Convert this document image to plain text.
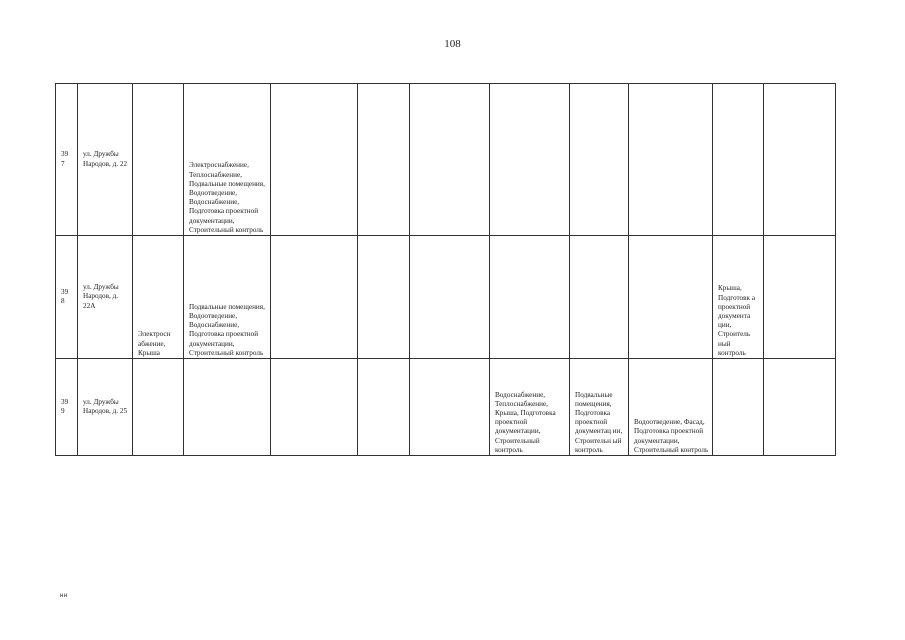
108
39
7	ул. Дружбы Народов, д. 22		Электроснабжение, Теплоснабжение, Подвальные помещения, Водоотведение, Водоснабжение, Подготовка проектной документации, Строительный контроль								
39
8	ул. Дружбы Народов, д. 22А	Электросн абжение, Крыша	Подвальные помещения, Водоотведение, Водоснабжение, Подготовка проектной документации, Строительный контроль							Крыша, Подготовк а проектной документа ции, Строитель ный контроль	
39
9	ул. Дружбы Народов, д. 25						Водоснабжение, Теплоснабжение, Крыша, Подготовка проектной документации, Строительный контроль	Подвальные помещения, Подготовка проектной документац ии, Строительн ый контроль	Водоотведение, Фасад, Подготовка проектной документации, Строительный контроль		
нн
